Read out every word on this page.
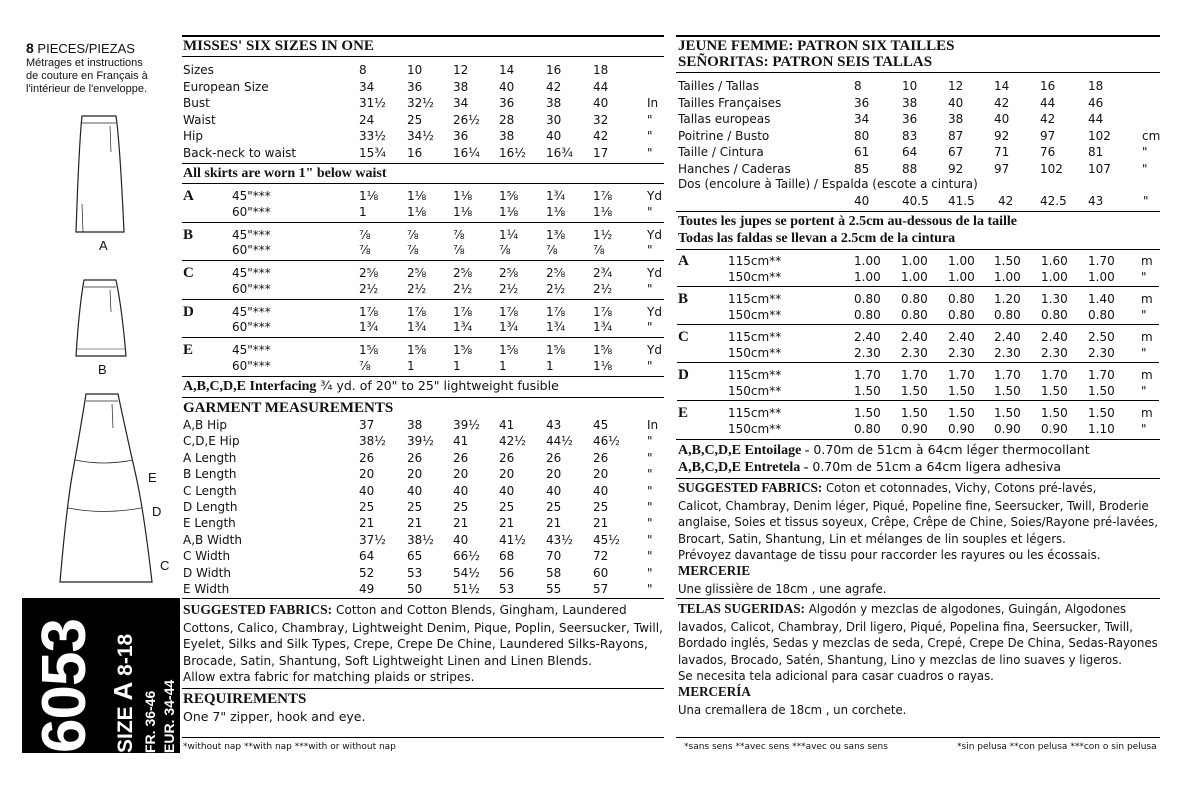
8 PIECES/PIEZAS
Métrages et instructions
de couture en Français à
l'intérieur de l'enveloppe.
A
B
E
D
C
6053 SIZE A 8-18
FR. 36-46 EUR. 34-44
MISSES' SIX SIZES IN ONE
Sizes	8	10	12	14	16	18
European Size	34	36	38	40	42	44
Bust	31½ 32½ 34	36	38	40	In
Waist	24	25	26½ 28	30	32	"
Hip	33½ 34½ 36	38	40	42	"
Back-neck to waist	15¾ 16	16¼ 16½ 16¾ 17	"
All skirts are worn 1" below waist
A	45"***	1⅛ 1⅛ 1⅛ 1⅝ 1¾ 1⅞	Yd
60"***	1	1⅛ 1⅛ 1⅛ 1⅛ 1⅛	"
B	45"***	⅞	⅞	⅞	1¼ 1⅜ 1½	Yd
60"***	⅞	⅞	⅞	⅞	⅞	⅞	"
C	45"***	2⅝ 2⅝ 2⅝ 2⅝ 2⅝ 2¾	Yd
60"***	2½ 2½ 2½ 2½ 2½ 2½	"
D	45"***	1⅞ 1⅞ 1⅞ 1⅞ 1⅞ 1⅞	Yd
60"***	1¾ 1¾ 1¾ 1¾ 1¾ 1¾	"
E	45"***	1⅝ 1⅝ 1⅝ 1⅝ 1⅝ 1⅝	Yd
60"***	⅞	1	1	1	1	1⅛	"
A,B,C,D,E Interfacing ¾ yd. of 20" to 25" lightweight fusible
GARMENT MEASUREMENTS
A,B Hip	37	38	39½ 41	43	45	In
C,D,E Hip	38½ 39½ 41	42½ 44½ 46½ "
A Length	26	26	26	26	26	26	"
B Length	20	20	20	20	20	20	"
C Length	40	40	40	40	40	40	"
D Length	25	25	25	25	25	25	"
E Length	21	21	21	21	21	21	"
A,B Width	37½ 38½ 40	41½ 43½ 45½ "
C Width	64	65	66½ 68	70	72	"
D Width	52	53	54½ 56	58	60	"
E Width	49	50	51½ 53	55	57	"
SUGGESTED FABRICS: Cotton and Cotton Blends, Gingham, Laundered
Cottons, Calico, Chambray, Lightweight Denim, Pique, Poplin, Seersucker, Twill,
Eyelet, Silks and Silk Types, Crepe, Crepe De Chine, Laundered Silks-Rayons,
Brocade, Satin, Shantung, Soft Lightweight Linen and Linen Blends.
Allow extra fabric for matching plaids or stripes.
REQUIREMENTS
One 7" zipper, hook and eye.
*without nap **with nap ***with or without nap
JEUNE FEMME: PATRON SIX TAILLES
SEÑORITAS: PATRON SEIS TALLAS
Tailles / Tallas	8	10	12	14	16	18
Tailles Françaises	36	38	40	42	44	46
Tallas europeas	34	36	38	40	42	44
Poitrine / Busto	80	83	87	92	97	102	cm
Taille / Cintura	61	64	67	71	76	81	"
Hanches / Caderas	85	88	92	97	102 107	"
Dos (encolure à Taille) / Espalda (escote a cintura)
40	40.5 41.5 42 42.5 43	"
Toutes les jupes se portent à 2.5cm au-dessous de la taille
Todas las faldas se llevan a 2.5cm de la cintura
A	115cm**	1.00 1.00 1.00 1.50 1.60 1.70 m
150cm**	1.00 1.00 1.00 1.00 1.00 1.00 "
B	115cm**	0.80 0.80 0.80 1.20 1.30 1.40 m
150cm**	0.80 0.80 0.80 0.80 0.80 0.80 "
C	115cm**	2.40 2.40 2.40 2.40 2.40 2.50 m
150cm**	2.30 2.30 2.30 2.30 2.30 2.30 "
D	115cm**	1.70 1.70 1.70 1.70 1.70 1.70 m
150cm**	1.50 1.50 1.50 1.50 1.50 1.50 "
E	115cm**	1.50 1.50 1.50 1.50 1.50 1.50 m
150cm**	0.80 0.90 0.90 0.90 0.90 1.10 "
A,B,C,D,E Entoilage - 0.70m de 51cm à 64cm léger thermocollant
A,B,C,D,E Entretela - 0.70m de 51cm a 64cm ligera adhesiva
SUGGESTED FABRICS: Coton et cotonnades, Vichy, Cotons pré-lavés,
Calicot, Chambray, Denim léger, Piqué, Popeline fine, Seersucker, Twill, Broderie
anglaise, Soies et tissus soyeux, Crêpe, Crêpe de Chine, Soies/Rayone pré-lavées,
Brocart, Satin, Shantung, Lin et mélanges de lin souples et légers.
Prévoyez davantage de tissu pour raccorder les rayures ou les écossais.
MERCERIE
Une glissière de 18cm , une agrafe.
TELAS SUGERIDAS: Algodón y mezclas de algodones, Guingán, Algodones
lavados, Calicot, Chambray, Dril ligero, Piqué, Popelina fina, Seersucker, Twill,
Bordado inglés, Sedas y mezclas de seda, Crepé, Crepe De China, Sedas-Rayones
lavados, Brocado, Satén, Shantung, Lino y mezclas de lino suaves y ligeros.
Se necesita tela adicional para casar cuadros o rayas.
MERCERÍA
Una cremallera de 18cm , un corchete.
*sans sens **avec sens ***avec ou sans sens	*sin pelusa **con pelusa ***con o sin pelusa
